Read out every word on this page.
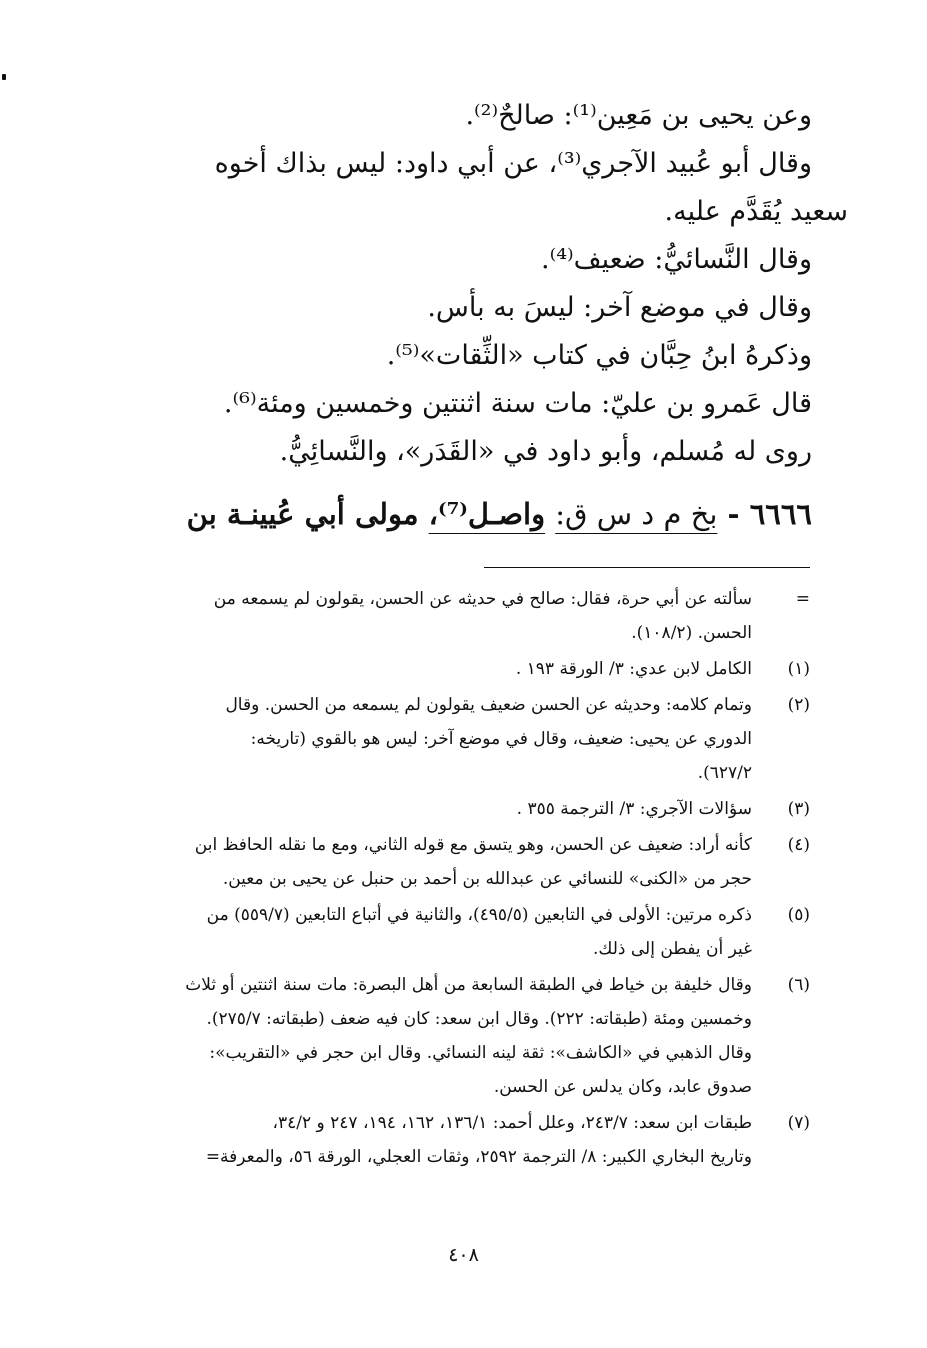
وعن يحيى بن مَعِين⁽¹⁾: صالحٌ⁽²⁾.
وقال أبو عُبيد الآجري⁽³⁾، عن أبي داود: ليس بذاك أخوه
سعيد يُقَدَّم عليه.
وقال النَّسائيُّ: ضعيف⁽⁴⁾.
وقال في موضع آخر: ليسَ به بأس.
وذكرهُ ابنُ حِبَّان في كتاب «الثِّقات»⁽⁵⁾.
قال عَمرو بن عليّ: مات سنة اثنتين وخمسين ومئة⁽⁶⁾.
روى له مُسلم، وأبو داود في «القَدَر»، والنَّسائِيُّ.
٦٦٦٦ - بخ م د س ق: واصـل⁽⁷⁾، مولى أبي عُيينـة بن
=
سألته عن أبي حرة، فقال: صالح في حديثه عن الحسن، يقولون لم يسمعه من
الحسن. (١٠٨/٢).
(١)
الكامل لابن عدي: ٣/ الورقة ١٩٣ .
(٢)
وتمام كلامه: وحديثه عن الحسن ضعيف يقولون لم يسمعه من الحسن. وقال
الدوري عن يحيى: ضعيف، وقال في موضع آخر: ليس هو بالقوي (تاريخه:
٦٢٧/٢).
(٣)
سؤالات الآجري: ٣/ الترجمة ٣٥٥ .
(٤)
كأنه أراد: ضعيف عن الحسن، وهو يتسق مع قوله الثاني، ومع ما نقله الحافظ ابن
حجر من «الكنى» للنسائي عن عبدالله بن أحمد بن حنبل عن يحيى بن معين.
(٥)
ذكره مرتين: الأولى في التابعين (٤٩٥/٥)، والثانية في أتباع التابعين (٥٥٩/٧) من
غير أن يفطن إلى ذلك.
(٦)
وقال خليفة بن خياط في الطبقة السابعة من أهل البصرة: مات سنة اثنتين أو ثلاث
وخمسين ومئة (طبقاته: ٢٢٢). وقال ابن سعد: كان فيه ضعف (طبقاته: ٢٧٥/٧).
وقال الذهبي في «الكاشف»: ثقة لينه النسائي. وقال ابن حجر في «التقريب»:
صدوق عابد، وكان يدلس عن الحسن.
(٧)
طبقات ابن سعد: ٢٤٣/٧، وعلل أحمد: ١٣٦/١، ١٦٢، ١٩٤، ٢٤٧ و ٣٤/٢،
وتاريخ البخاري الكبير: ٨/ الترجمة ٢٥٩٢، وثقات العجلي، الورقة ٥٦، والمعرفة=
٤٠٨
